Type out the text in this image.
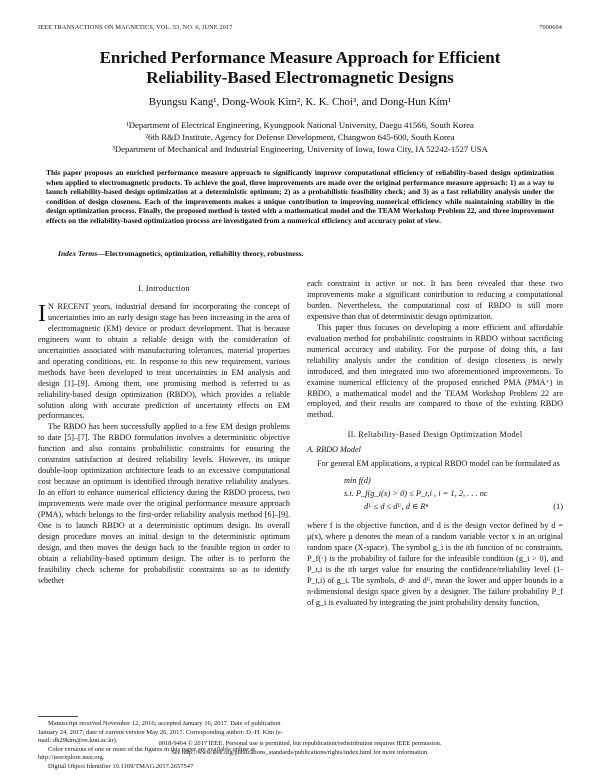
IEEE TRANSACTIONS ON MAGNETICS, VOL. 53, NO. 6, JUNE 2017	7000604
Enriched Performance Measure Approach for Efficient
Reliability-Based Electromagnetic Designs
Byungsu Kang¹, Dong-Wook Kim², K. K. Choi³, and Dong-Hun Kim¹
¹Department of Electrical Engineering, Kyungpook National University, Daegu 41566, South Korea
²6th R&D Institute, Agency for Defense Development, Changwon 645-600, South Korea
³Department of Mechanical and Industrial Engineering, University of Iowa, Iowa City, IA 52242-1527 USA
This paper proposes an enriched performance measure approach to significantly improve computational efficiency of reliability-based design optimization when applied to electromagnetic products. To achieve the goal, three improvements are made over the original performance measure approach: 1) as a way to launch reliability-based design optimization at a deterministic optimum; 2) as a probabilistic feasibility check; and 3) as a fast reliability analysis under the condition of design closeness. Each of the improvements makes a unique contribution to improving numerical efficiency while maintaining stability in the design optimization process. Finally, the proposed method is tested with a mathematical model and the TEAM Workshop Problem 22, and three improvement effects on the reliability-based optimization process are investigated from a numerical efficiency and accuracy point of view.
Index Terms—Electromagnetics, optimization, reliability theory, robustness.
I. Introduction

I N RECENT years, industrial demand for incorporating the concept of uncertainties into an early design stage has been increasing in the area of electromagnetic (EM) device or product development. That is because engineers want to obtain a reliable design with the consideration of uncertainties associated with manufacturing tolerances, material properties and operating conditions, etc. In response to this new requirement, various methods have been developed to treat uncertainties in EM analysis and design [1]–[9]. Among them, one promising method is referred to as reliability-based design optimization (RBDO), which provides a reliable solution along with accurate prediction of uncertainty effects on EM performances.

The RBDO has been successfully applied to a few EM design problems to date [5]–[7]. The RBDO formulation involves a deterministic objective function and also contains probabilistic constraints for ensuring the constraint satisfaction at desired reliability levels. However, its unique double-loop optimization architecture leads to an excessive computational cost because an optimum is identified through iterative reliability analyses. In an effort to enhance numerical efficiency during the RBDO process, two improvements were made over the original performance measure approach (PMA), which belongs to the first-order reliability analysis method [6]–[9]. One is to launch RBDO at a deterministic optimum design. Its overall design procedure moves an initial design to the deterministic optimum design, and then moves the design back to the feasible region in order to obtain a reliability-based optimum design. The other is to perform the feasibility check scheme for probabilistic constraints so as to identify whether

Manuscript received November 12, 2016; accepted January 16, 2017. Date of publication January 24, 2017; date of current version May 26, 2017. Corresponding author: D.-H. Kim (e-mail: dh29kim@ee.knu.ac.kr).
Color versions of one or more of the figures in this paper are available online at http://ieeexplore.ieee.org.
Digital Object Identifier 10.1109/TMAG.2017.2657547

each constraint is active or not. It has been revealed that these two improvements make a significant contribution to reducing a computational burden. Nevertheless, the computational cost of RBDO is still more expensive than that of deterministic design optimization.

This paper thus focuses on developing a more efficient and affordable evaluation method for probabilistic constraints in RBDO without sacrificing numerical accuracy and stability. For the purpose of doing this, a fast reliability analysis under the condition of design closeness is newly introduced, and then integrated into two aforementioned improvements. To examine numerical efficiency of the proposed enriched PMA (PMA⁺) in RBDO, a mathematical model and the TEAM Workshop Problem 22 are employed, and their results are compared to those of the existing RBDO method.

II. Reliability-Based Design Optimization Model
A. RBDO Model

For general EM applications, a typical RBDO model can be formulated as

min f(d)
s.t. P_f(g_i(x) > 0) ≤ P_t,i , i = 1, 2, . . . nc
dᴸ ≤ d ≤ dᵁ, d ∈ Rⁿ	(1)

where f is the objective function, and d is the design vector defined by d = μ(x), where μ denotes the mean of a random variable vector x in an original random space (X-space). The symbol g_i is the ith function of nc constraints, P_f(·) is the probability of failure for the infeasible condition (g_i > 0), and P_t,i is the ith target value for ensuring the confidence/reliability level (1-P_t,i) of g_i. The symbols, dᴸ and dᵁ, mean the lower and upper bounds in a n-dimensional design space given by a designer. The failure probability P_f of g_i is evaluated by integrating the joint probability density function,

0018-9464 © 2017 IEEE. Personal use is permitted, but republication/redistribution requires IEEE permission.
See http://www.ieee.org/publications_standards/publications/rights/index.html for more information.
